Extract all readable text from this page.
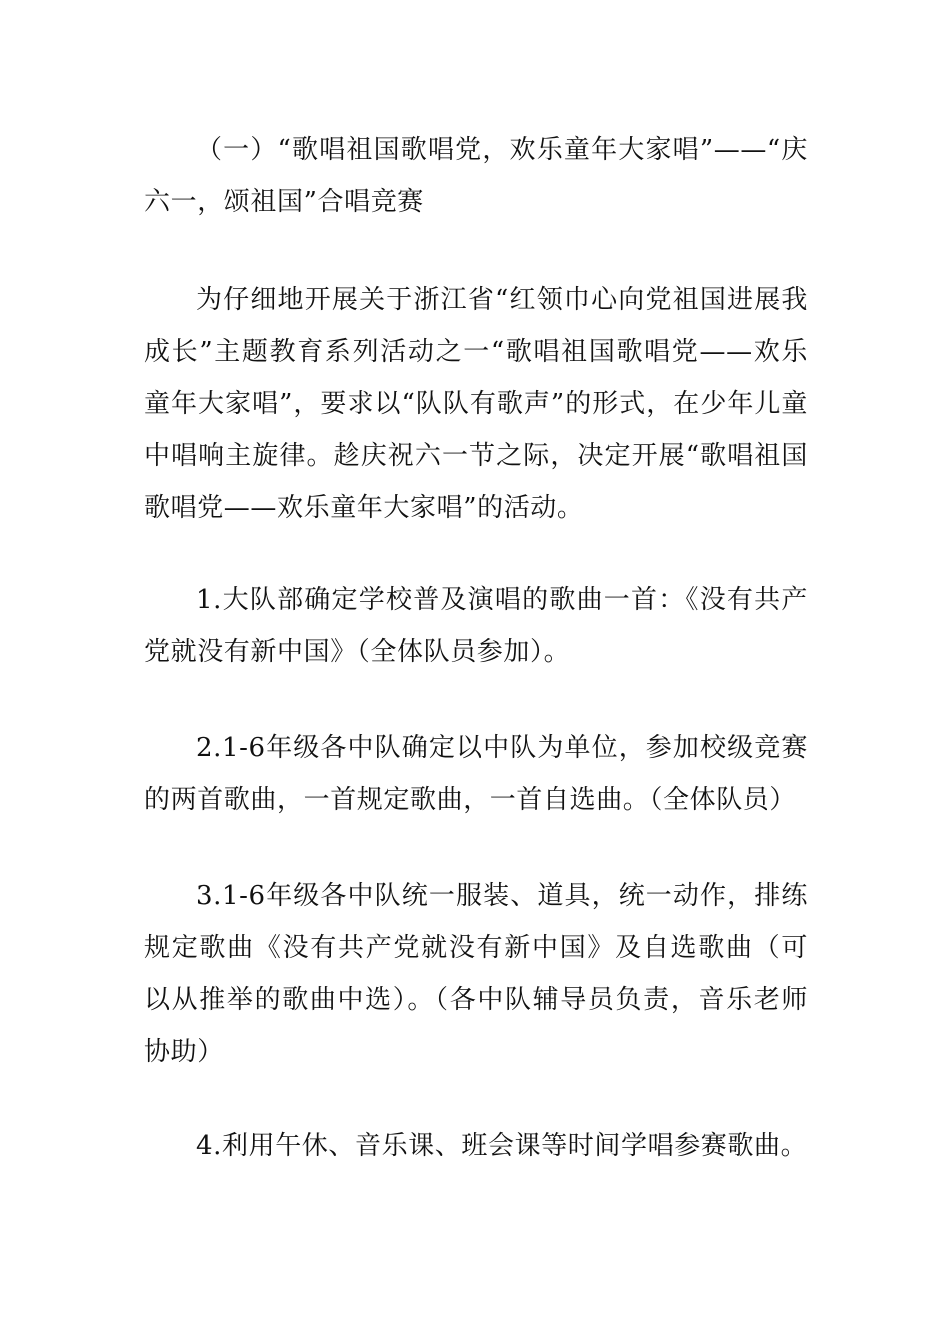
（一）“歌唱祖国歌唱党，欢乐童年大家唱”——“庆六一，颂祖国”合唱竞赛

为仔细地开展关于浙江省“红领巾心向党祖国进展我成长”主题教育系列活动之一“歌唱祖国歌唱党——欢乐童年大家唱”，要求以“队队有歌声”的形式，在少年儿童中唱响主旋律。趁庆祝六一节之际，决定开展“歌唱祖国歌唱党——欢乐童年大家唱”的活动。

1.大队部确定学校普及演唱的歌曲一首：《没有共产党就没有新中国》（全体队员参加）。

2.1-6年级各中队确定以中队为单位，参加校级竞赛的两首歌曲，一首规定歌曲，一首自选曲。（全体队员）

3.1-6年级各中队统一服装、道具，统一动作，排练规定歌曲《没有共产党就没有新中国》及自选歌曲（可以从推举的歌曲中选）。（各中队辅导员负责，音乐老师协助）

4.利用午休、音乐课、班会课等时间学唱参赛歌曲。
